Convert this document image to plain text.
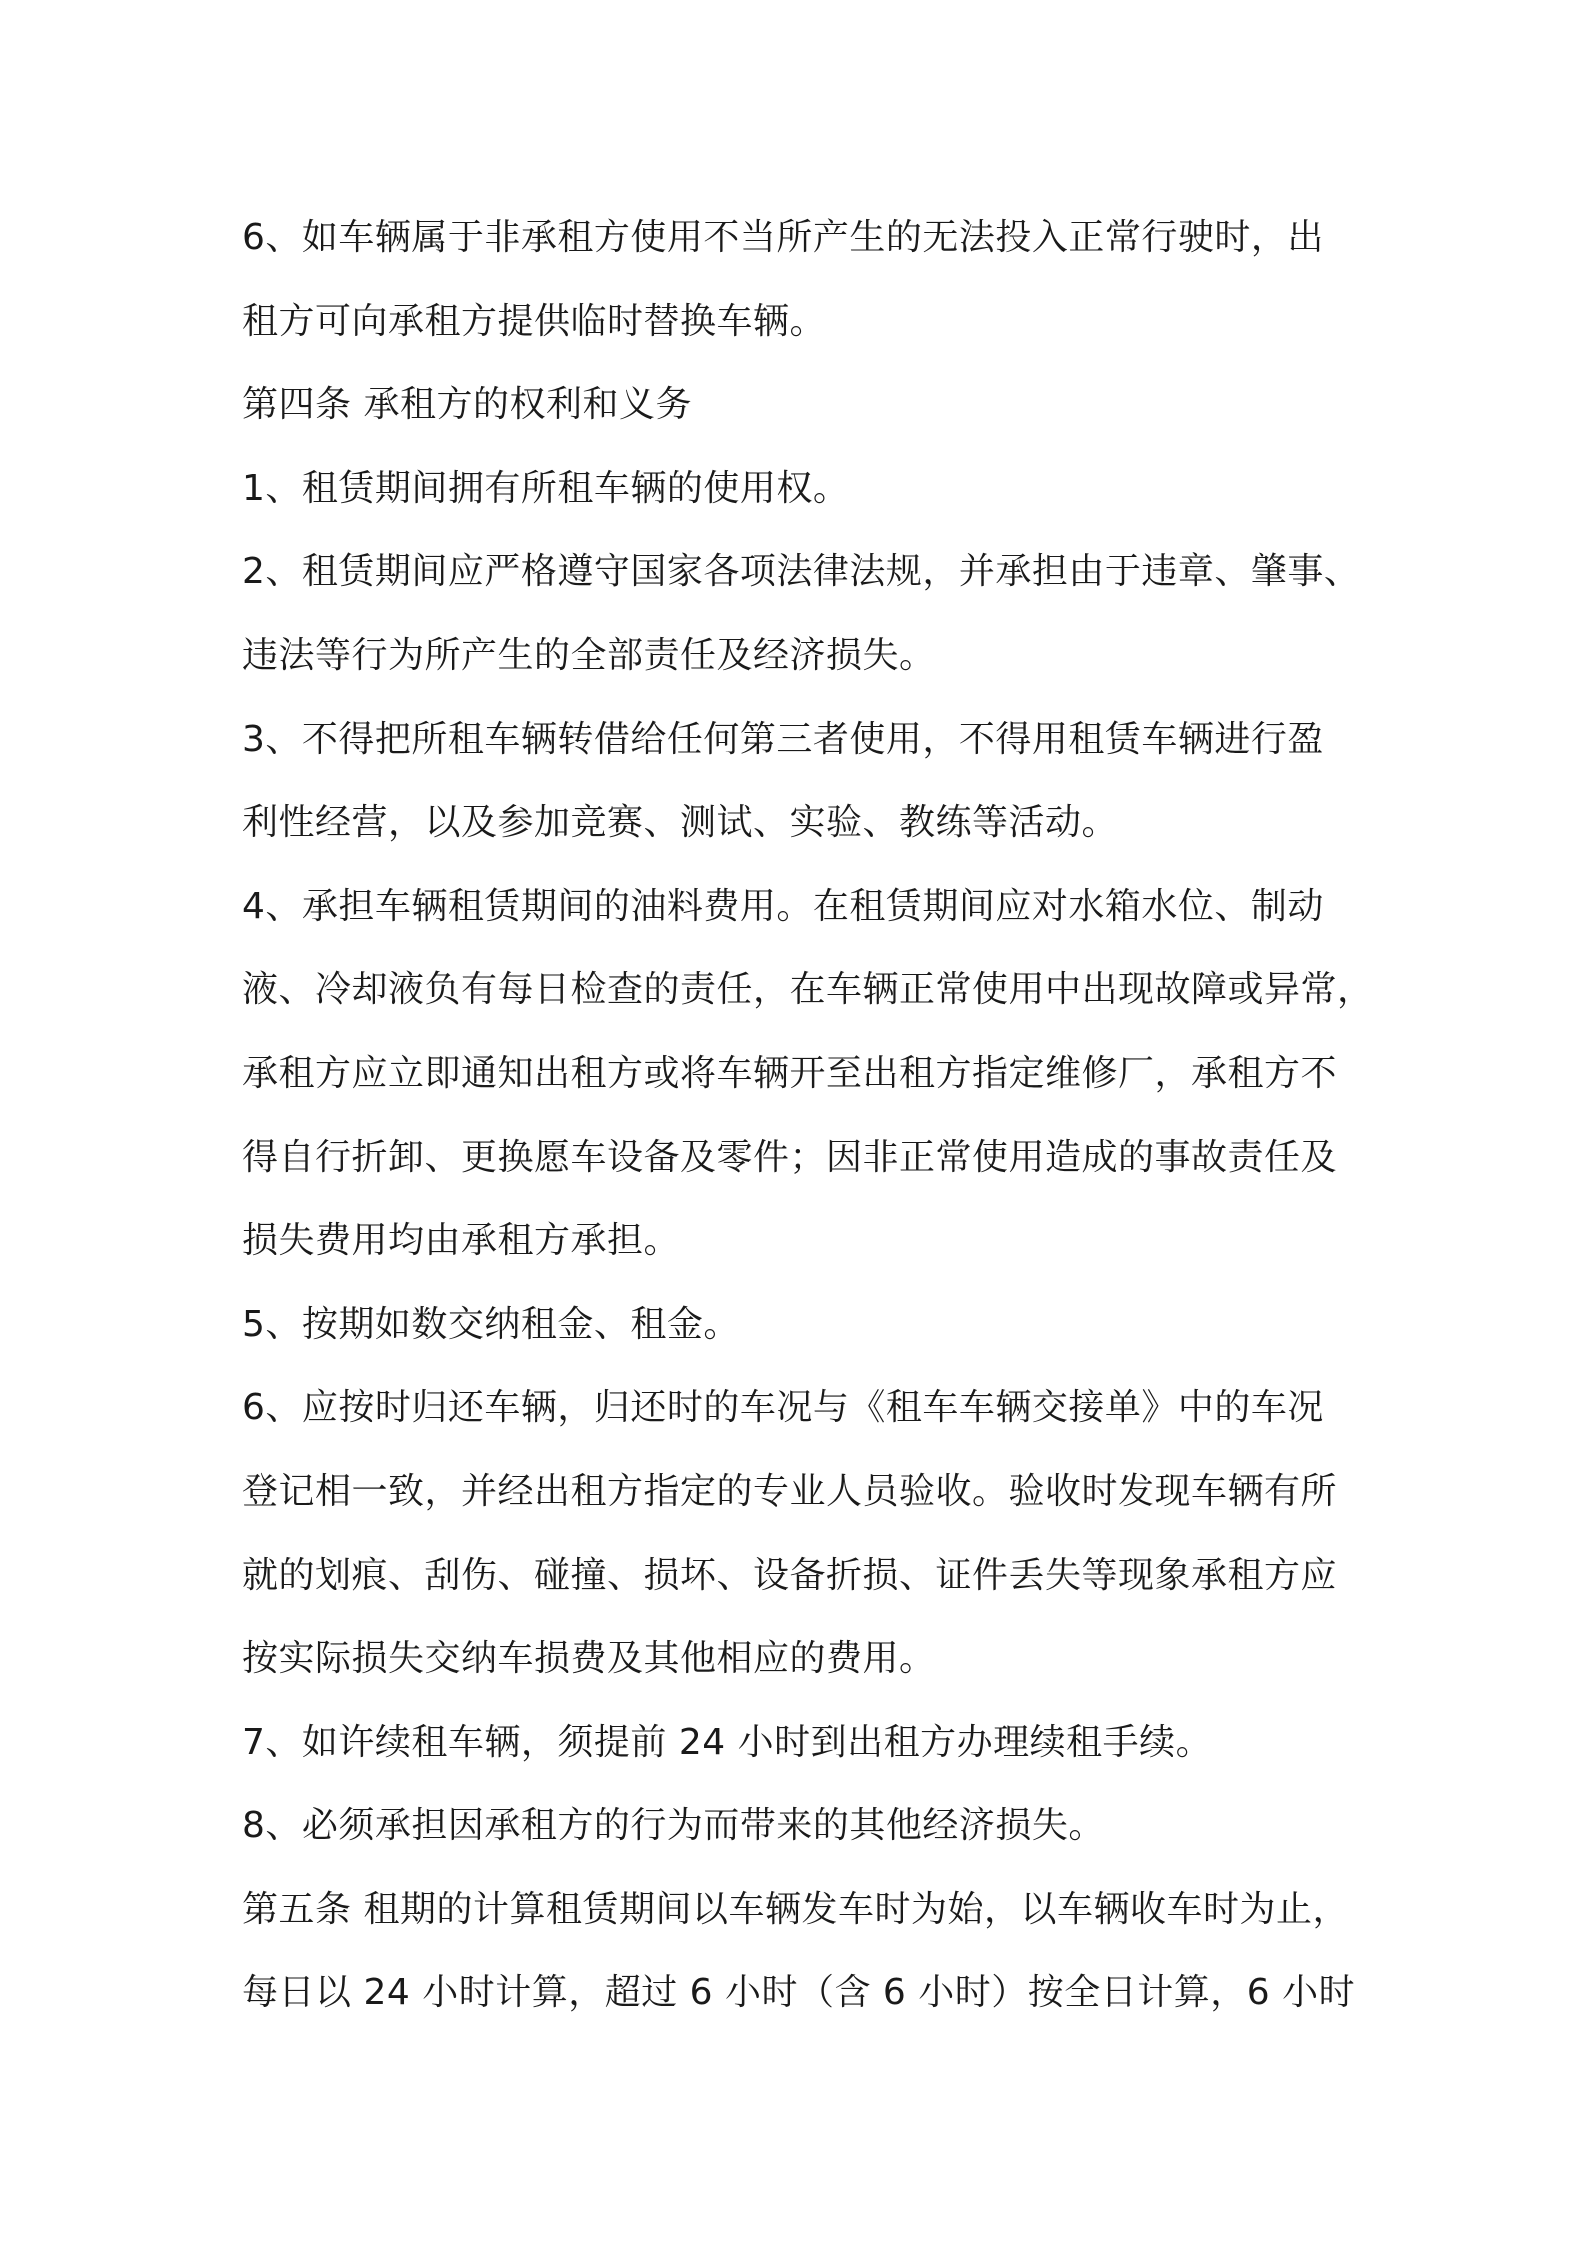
6、如车辆属于非承租方使用不当所产生的无法投入正常行驶时，出
租方可向承租方提供临时替换车辆。
第四条 承租方的权利和义务
1、租赁期间拥有所租车辆的使用权。
2、租赁期间应严格遵守国家各项法律法规，并承担由于违章、肇事、
违法等行为所产生的全部责任及经济损失。
3、不得把所租车辆转借给任何第三者使用，不得用租赁车辆进行盈
利性经营，以及参加竞赛、测试、实验、教练等活动。
4、承担车辆租赁期间的油料费用。在租赁期间应对水箱水位、制动
液、冷却液负有每日检查的责任，在车辆正常使用中出现故障或异常，
承租方应立即通知出租方或将车辆开至出租方指定维修厂，承租方不
得自行折卸、更换愿车设备及零件；因非正常使用造成的事故责任及
损失费用均由承租方承担。
5、按期如数交纳租金、租金。
6、应按时归还车辆，归还时的车况与《租车车辆交接单》中的车况
登记相一致，并经出租方指定的专业人员验收。验收时发现车辆有所
就的划痕、刮伤、碰撞、损坏、设备折损、证件丢失等现象承租方应
按实际损失交纳车损费及其他相应的费用。
7、如许续租车辆，须提前 24 小时到出租方办理续租手续。
8、必须承担因承租方的行为而带来的其他经济损失。
第五条 租期的计算租赁期间以车辆发车时为始，以车辆收车时为止，
每日以 24 小时计算，超过 6 小时（含 6 小时）按全日计算，6 小时
